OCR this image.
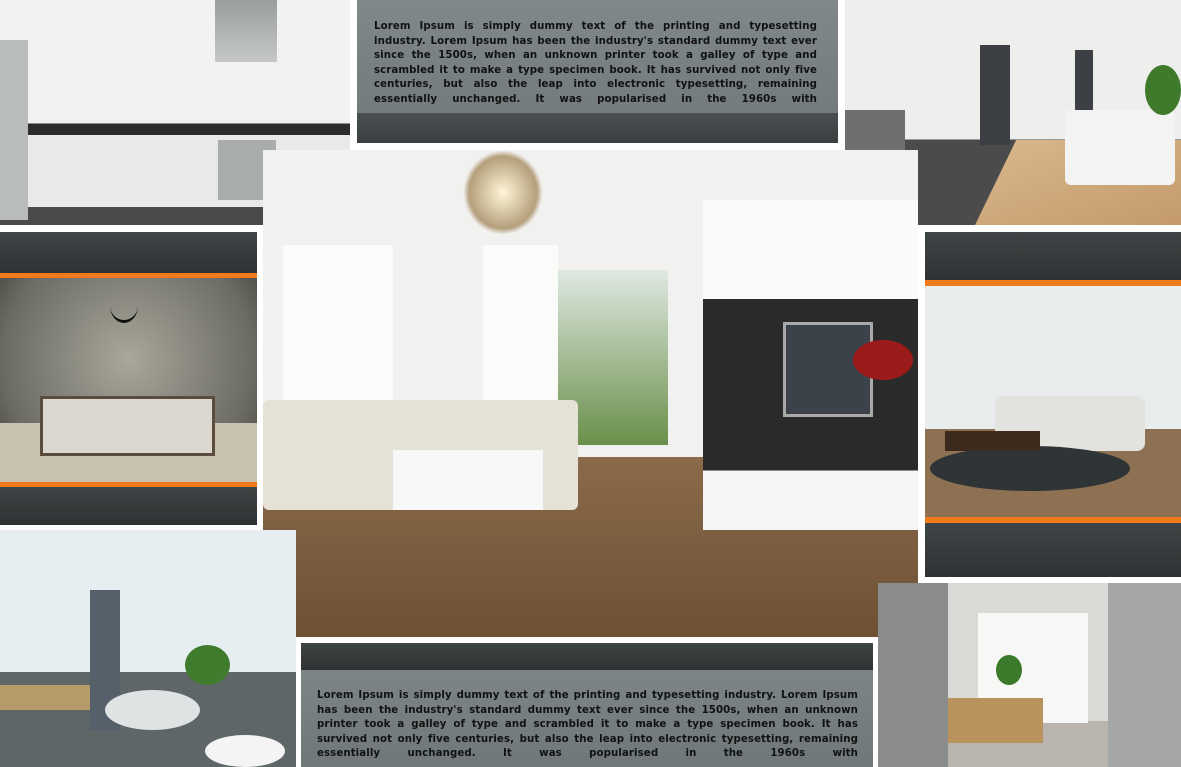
Lorem Ipsum is simply dummy text of the printing and typesetting industry. Lorem Ipsum has been the industry's standard dummy text ever since the 1500s, when an unknown printer took a galley of type and scrambled it to make a type specimen book. It has survived not only five centuries, but also the leap into electronic typesetting, remaining essentially unchanged. It was popularised in the 1960s with

Lorem Ipsum is simply dummy text of the printing and typesetting industry. Lorem Ipsum has been the industry's standard dummy text ever since the 1500s, when an unknown printer took a galley of type and scrambled it to make a type specimen book. It has survived not only five centuries, but also the leap into electronic typesetting, remaining essentially unchanged. It was popularised in the 1960s with
